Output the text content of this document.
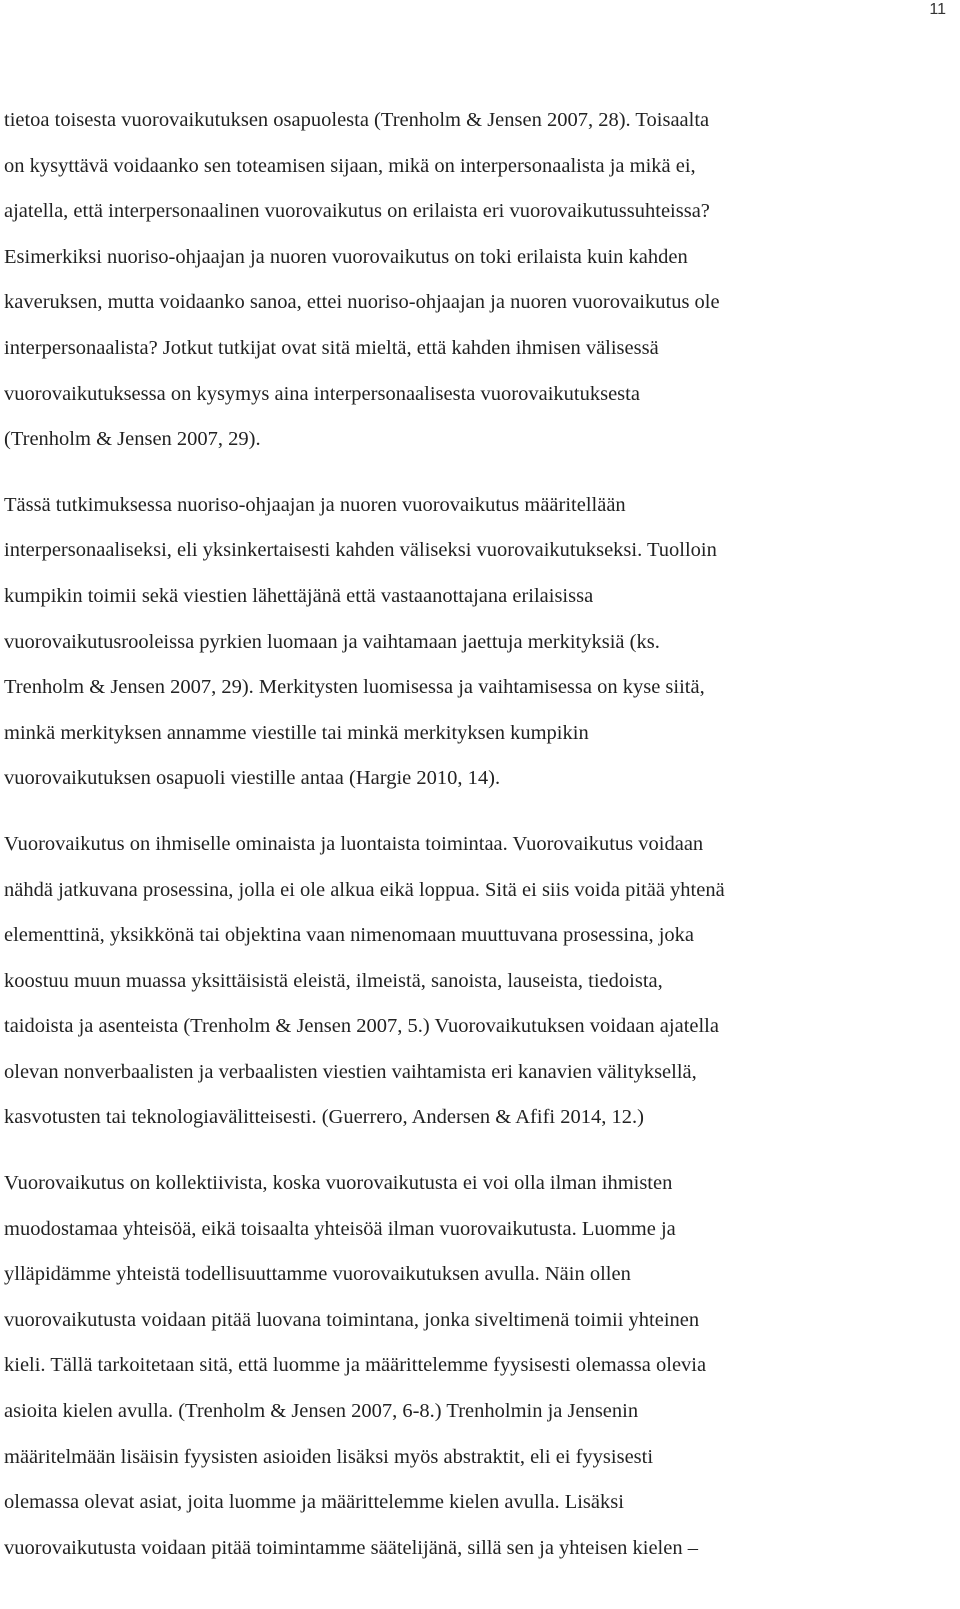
11

tietoa toisesta vuorovaikutuksen osapuolesta (Trenholm & Jensen 2007, 28). Toisaalta
on kysyttävä voidaanko sen toteamisen sijaan, mikä on interpersonaalista ja mikä ei,
ajatella, että interpersonaalinen vuorovaikutus on erilaista eri vuorovaikutussuhteissa?
Esimerkiksi nuoriso-ohjaajan ja nuoren vuorovaikutus on toki erilaista kuin kahden
kaveruksen, mutta voidaanko sanoa, ettei nuoriso-ohjaajan ja nuoren vuorovaikutus ole
interpersonaalista? Jotkut tutkijat ovat sitä mieltä, että kahden ihmisen välisessä
vuorovaikutuksessa on kysymys aina interpersonaalisesta vuorovaikutuksesta
(Trenholm & Jensen 2007, 29).

Tässä tutkimuksessa nuoriso-ohjaajan ja nuoren vuorovaikutus määritellään
interpersonaaliseksi, eli yksinkertaisesti kahden väliseksi vuorovaikutukseksi. Tuolloin
kumpikin toimii sekä viestien lähettäjänä että vastaanottajana erilaisissa
vuorovaikutusrooleissa pyrkien luomaan ja vaihtamaan jaettuja merkityksiä (ks.
Trenholm & Jensen 2007, 29). Merkitysten luomisessa ja vaihtamisessa on kyse siitä,
minkä merkityksen annamme viestille tai minkä merkityksen kumpikin
vuorovaikutuksen osapuoli viestille antaa (Hargie 2010, 14).

Vuorovaikutus on ihmiselle ominaista ja luontaista toimintaa. Vuorovaikutus voidaan
nähdä jatkuvana prosessina, jolla ei ole alkua eikä loppua. Sitä ei siis voida pitää yhtenä
elementtinä, yksikkönä tai objektina vaan nimenomaan muuttuvana prosessina, joka
koostuu muun muassa yksittäisistä eleistä, ilmeistä, sanoista, lauseista, tiedoista,
taidoista ja asenteista (Trenholm & Jensen 2007, 5.) Vuorovaikutuksen voidaan ajatella
olevan nonverbaalisten ja verbaalisten viestien vaihtamista eri kanavien välityksellä,
kasvotusten tai teknologiavälitteisesti. (Guerrero, Andersen & Afifi 2014, 12.)

Vuorovaikutus on kollektiivista, koska vuorovaikutusta ei voi olla ilman ihmisten
muodostamaa yhteisöä, eikä toisaalta yhteisöä ilman vuorovaikutusta. Luomme ja
ylläpidämme yhteistä todellisuuttamme vuorovaikutuksen avulla. Näin ollen
vuorovaikutusta voidaan pitää luovana toimintana, jonka siveltimenä toimii yhteinen
kieli. Tällä tarkoitetaan sitä, että luomme ja määrittelemme fyysisesti olemassa olevia
asioita kielen avulla. (Trenholm & Jensen 2007, 6-8.) Trenholmin ja Jensenin
määritelmään lisäisin fyysisten asioiden lisäksi myös abstraktit, eli ei fyysisesti
olemassa olevat asiat, joita luomme ja määrittelemme kielen avulla. Lisäksi
vuorovaikutusta voidaan pitää toimintamme säätelijänä, sillä sen ja yhteisen kielen –
